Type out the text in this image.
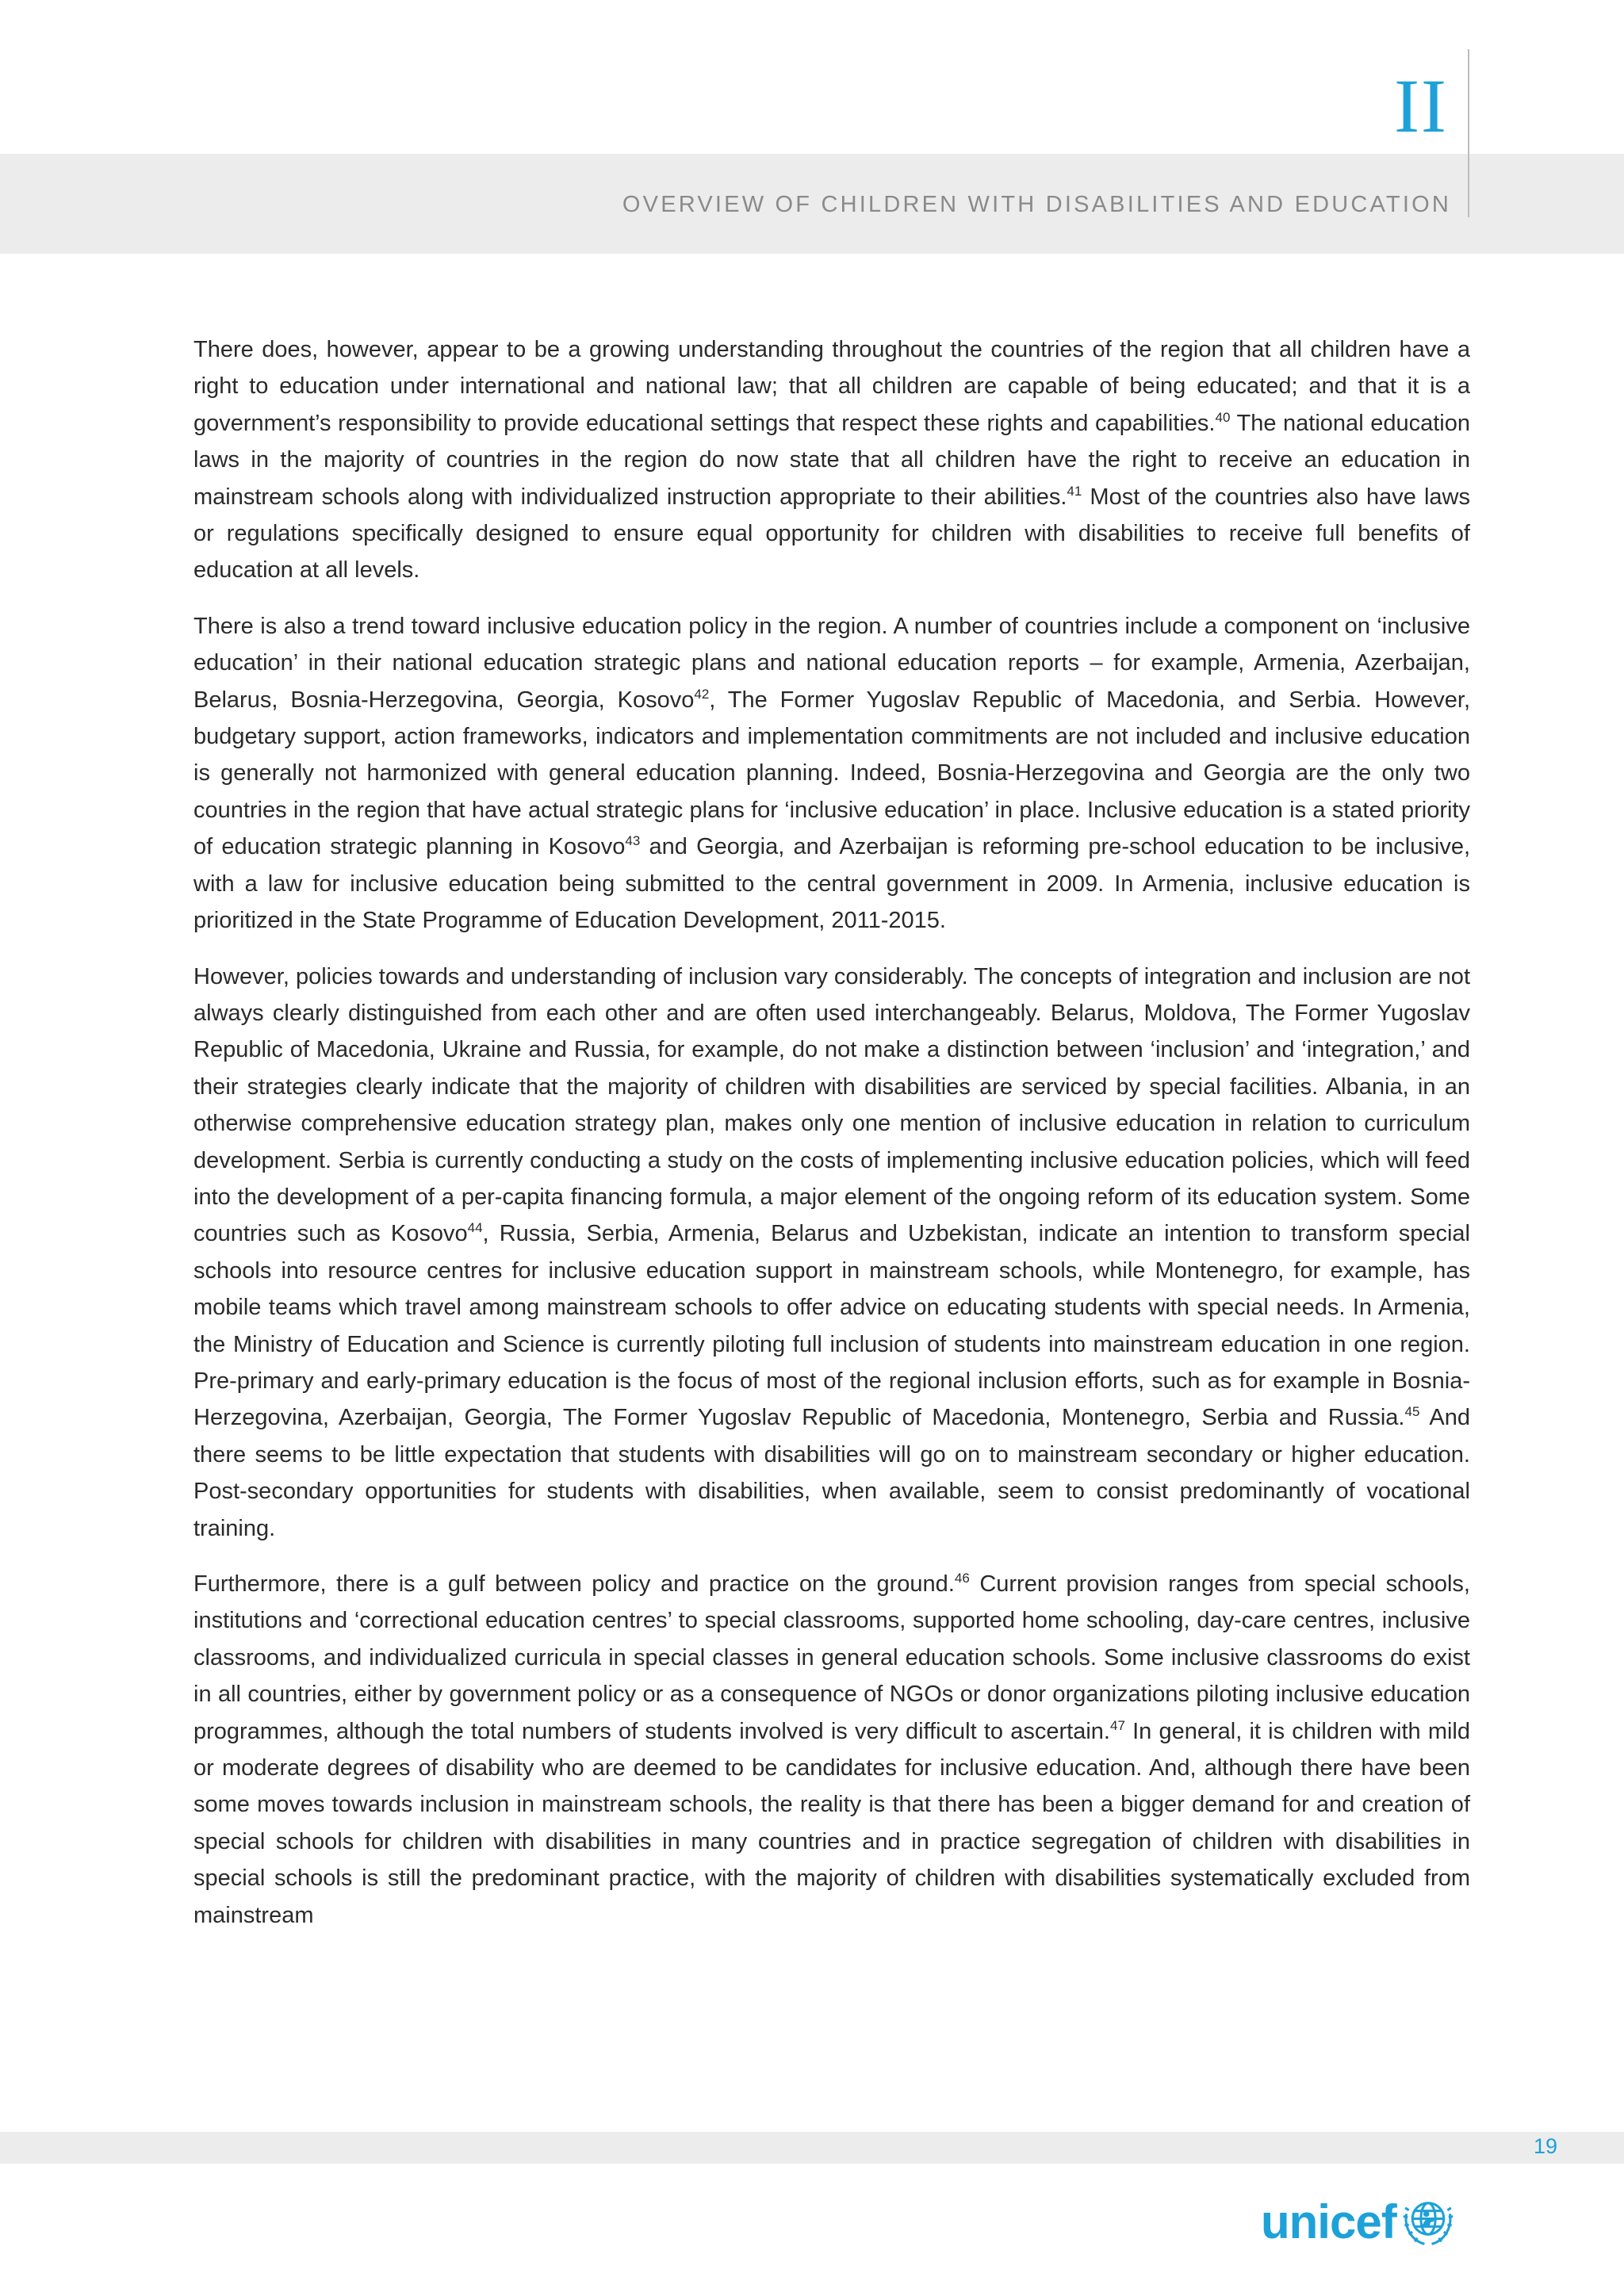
II
OVERVIEW OF CHILDREN WITH DISABILITIES AND EDUCATION

There does, however, appear to be a growing understanding throughout the countries of the region that all children have a right to education under international and national law; that all children are capable of being educated; and that it is a government’s responsibility to provide educational settings that respect these rights and capabilities.$^{40}$ The national education laws in the majority of countries in the region do now state that all children have the right to receive an education in mainstream schools along with individualized instruction appropriate to their abilities.$^{41}$ Most of the countries also have laws or regulations specifically designed to ensure equal opportunity for children with disabilities to receive full benefits of education at all levels.

There is also a trend toward inclusive education policy in the region. A number of countries include a component on ‘inclusive education’ in their national education strategic plans and national education reports – for example, Armenia, Azerbaijan, Belarus, Bosnia-Herzegovina, Georgia, Kosovo$^{42}$, The Former Yugoslav Republic of Macedonia, and Serbia. However, budgetary support, action frameworks, indicators and implementation commitments are not included and inclusive education is generally not harmonized with general education planning. Indeed, Bosnia-Herzegovina and Georgia are the only two countries in the region that have actual strategic plans for ‘inclusive education’ in place. Inclusive education is a stated priority of education strategic planning in Kosovo$^{43}$ and Georgia, and Azerbaijan is reforming pre-school education to be inclusive, with a law for inclusive education being submitted to the central government in 2009. In Armenia, inclusive education is prioritized in the State Programme of Education Development, 2011-2015.

However, policies towards and understanding of inclusion vary considerably. The concepts of integration and inclusion are not always clearly distinguished from each other and are often used interchangeably. Belarus, Moldova, The Former Yugoslav Republic of Macedonia, Ukraine and Russia, for example, do not make a distinction between ‘inclusion’ and ‘integration,’ and their strategies clearly indicate that the majority of children with disabilities are serviced by special facilities. Albania, in an otherwise comprehensive education strategy plan, makes only one mention of inclusive education in relation to curriculum development. Serbia is currently conducting a study on the costs of implementing inclusive education policies, which will feed into the development of a per-capita financing formula, a major element of the ongoing reform of its education system. Some countries such as Kosovo$^{44}$, Russia, Serbia, Armenia, Belarus and Uzbekistan, indicate an intention to transform special schools into resource centres for inclusive education support in mainstream schools, while Montenegro, for example, has mobile teams which travel among mainstream schools to offer advice on educating students with special needs. In Armenia, the Ministry of Education and Science is currently piloting full inclusion of students into mainstream education in one region. Pre-primary and early-primary education is the focus of most of the regional inclusion efforts, such as for example in Bosnia- Herzegovina, Azerbaijan, Georgia, The Former Yugoslav Republic of Macedonia, Montenegro, Serbia and Russia.$^{45}$ And there seems to be little expectation that students with disabilities will go on to mainstream secondary or higher education. Post-secondary opportunities for students with disabilities, when available, seem to consist predominantly of vocational training.

Furthermore, there is a gulf between policy and practice on the ground.$^{46}$ Current provision ranges from special schools, institutions and ‘correctional education centres’ to special classrooms, supported home schooling, day-care centres, inclusive classrooms, and individualized curricula in special classes in general education schools. Some inclusive classrooms do exist in all countries, either by government policy or as a consequence of NGOs or donor organizations piloting inclusive education programmes, although the total numbers of students involved is very difficult to ascertain.$^{47}$ In general, it is children with mild or moderate degrees of disability who are deemed to be candidates for inclusive education. And, although there have been some moves towards inclusion in mainstream schools, the reality is that there has been a bigger demand for and creation of special schools for children with disabilities in many countries and in practice segregation of children with disabilities in special schools is still the predominant practice, with the majority of children with disabilities systematically excluded from mainstream

19
unicef
